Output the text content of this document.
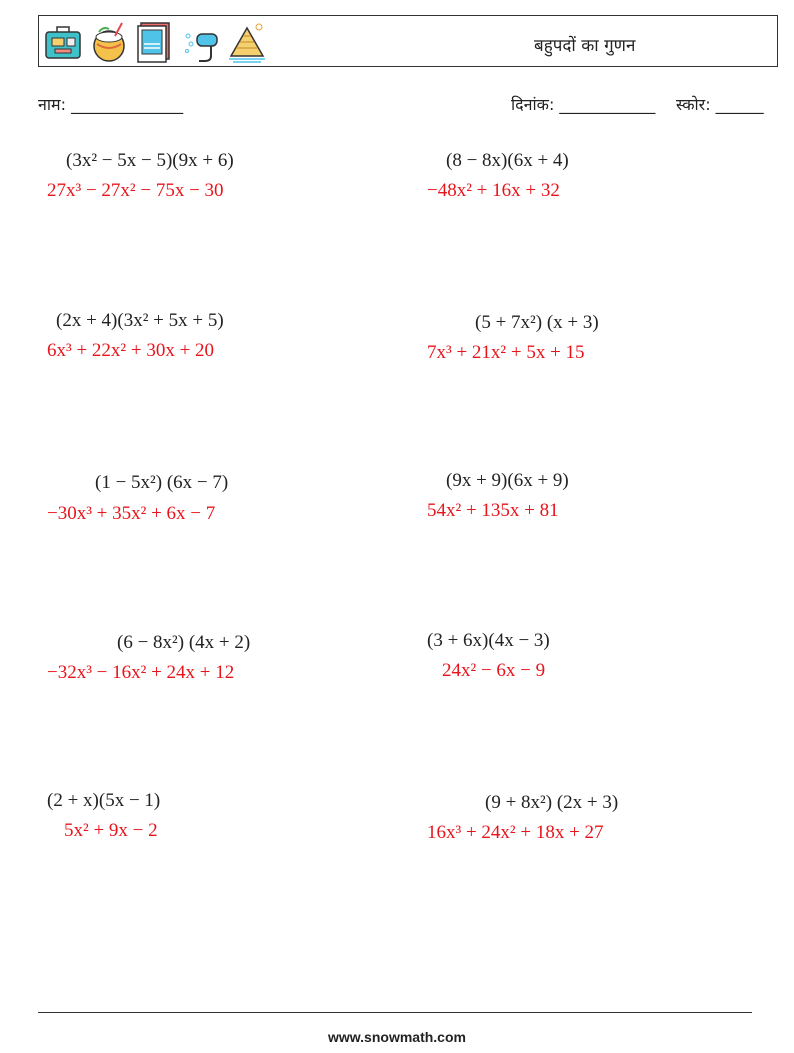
बहुपदों का गुणन
नाम: ______________	दिनांक: ____________ स्कोर: ______
(3x² − 5x − 5)(9x + 6)
27x³ − 27x² − 75x − 30
(8 − 8x)(6x + 4)
−48x² + 16x + 32
(2x + 4)(3x² + 5x + 5)
6x³ + 22x² + 30x + 20
(5 + 7x²) (x + 3)
7x³ + 21x² + 5x + 15
(1 − 5x²) (6x − 7)
−30x³ + 35x² + 6x − 7
(9x + 9)(6x + 9)
54x² + 135x + 81
(6 − 8x²) (4x + 2)
−32x³ − 16x² + 24x + 12
(3 + 6x)(4x − 3)
24x² − 6x − 9
(2 + x)(5x − 1)
5x² + 9x − 2
(9 + 8x²) (2x + 3)
16x³ + 24x² + 18x + 27
www.snowmath.com
